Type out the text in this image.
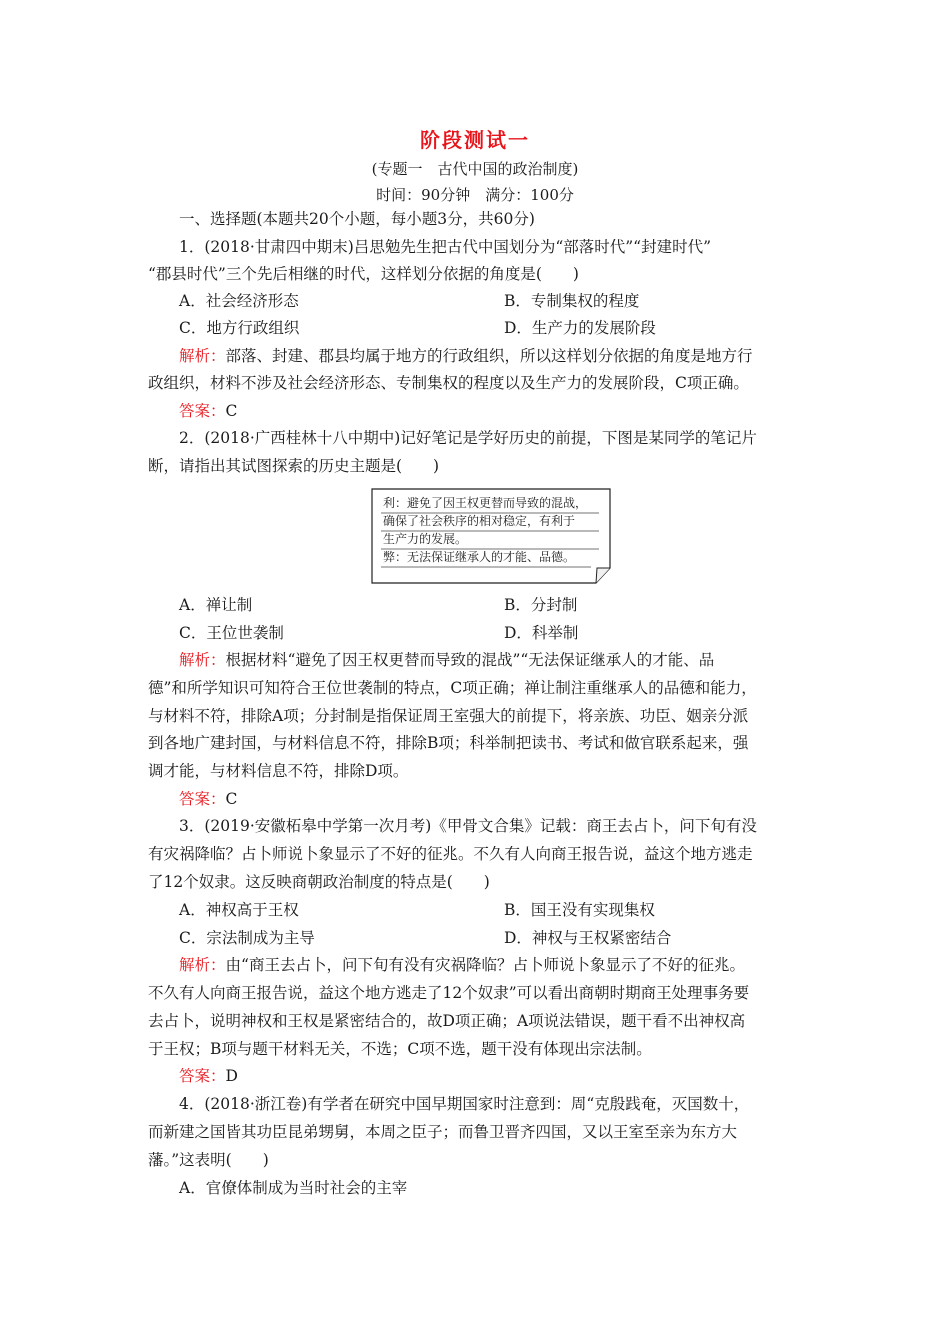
阶段测试一
(专题一　古代中国的政治制度)
时间：90分钟　满分：100分
一、选择题(本题共20个小题，每小题3分，共60分)
1．(2018·甘肃四中期末)吕思勉先生把古代中国划分为“部落时代”“封建时代”
“郡县时代”三个先后相继的时代，这样划分依据的角度是(　　)
A．社会经济形态	B．专制集权的程度
C．地方行政组织	D．生产力的发展阶段
解析：部落、封建、郡县均属于地方的行政组织，所以这样划分依据的角度是地方行
政组织，材料不涉及社会经济形态、专制集权的程度以及生产力的发展阶段，C项正确。
答案：C
2．(2018·广西桂林十八中期中)记好笔记是学好历史的前提，下图是某同学的笔记片
断，请指出其试图探索的历史主题是(　　)
利：避免了因王权更替而导致的混战，
确保了社会秩序的相对稳定，有利于
生产力的发展。
弊：无法保证继承人的才能、品德。
A．禅让制	B．分封制
C．王位世袭制	D．科举制
解析：根据材料“避免了因王权更替而导致的混战”“无法保证继承人的才能、品
德”和所学知识可知符合王位世袭制的特点，C项正确；禅让制注重继承人的品德和能力，
与材料不符，排除A项；分封制是指保证周王室强大的前提下，将亲族、功臣、姻亲分派
到各地广建封国，与材料信息不符，排除B项；科举制把读书、考试和做官联系起来，强
调才能，与材料信息不符，排除D项。
答案：C
3．(2019·安徽柘皋中学第一次月考)《甲骨文合集》记载：商王去占卜，问下旬有没
有灾祸降临？占卜师说卜象显示了不好的征兆。不久有人向商王报告说，益这个地方逃走
了12个奴隶。这反映商朝政治制度的特点是(　　)
A．神权高于王权	B．国王没有实现集权
C．宗法制成为主导	D．神权与王权紧密结合
解析：由“商王去占卜，问下旬有没有灾祸降临？占卜师说卜象显示了不好的征兆。
不久有人向商王报告说，益这个地方逃走了12个奴隶”可以看出商朝时期商王处理事务要
去占卜，说明神权和王权是紧密结合的，故D项正确；A项说法错误，题干看不出神权高
于王权；B项与题干材料无关，不选；C项不选，题干没有体现出宗法制。
答案：D
4．(2018·浙江卷)有学者在研究中国早期国家时注意到：周“克殷践奄，灭国数十，
而新建之国皆其功臣昆弟甥舅，本周之臣子；而鲁卫晋齐四国，又以王室至亲为东方大
藩。”这表明(　　)
A．官僚体制成为当时社会的主宰
